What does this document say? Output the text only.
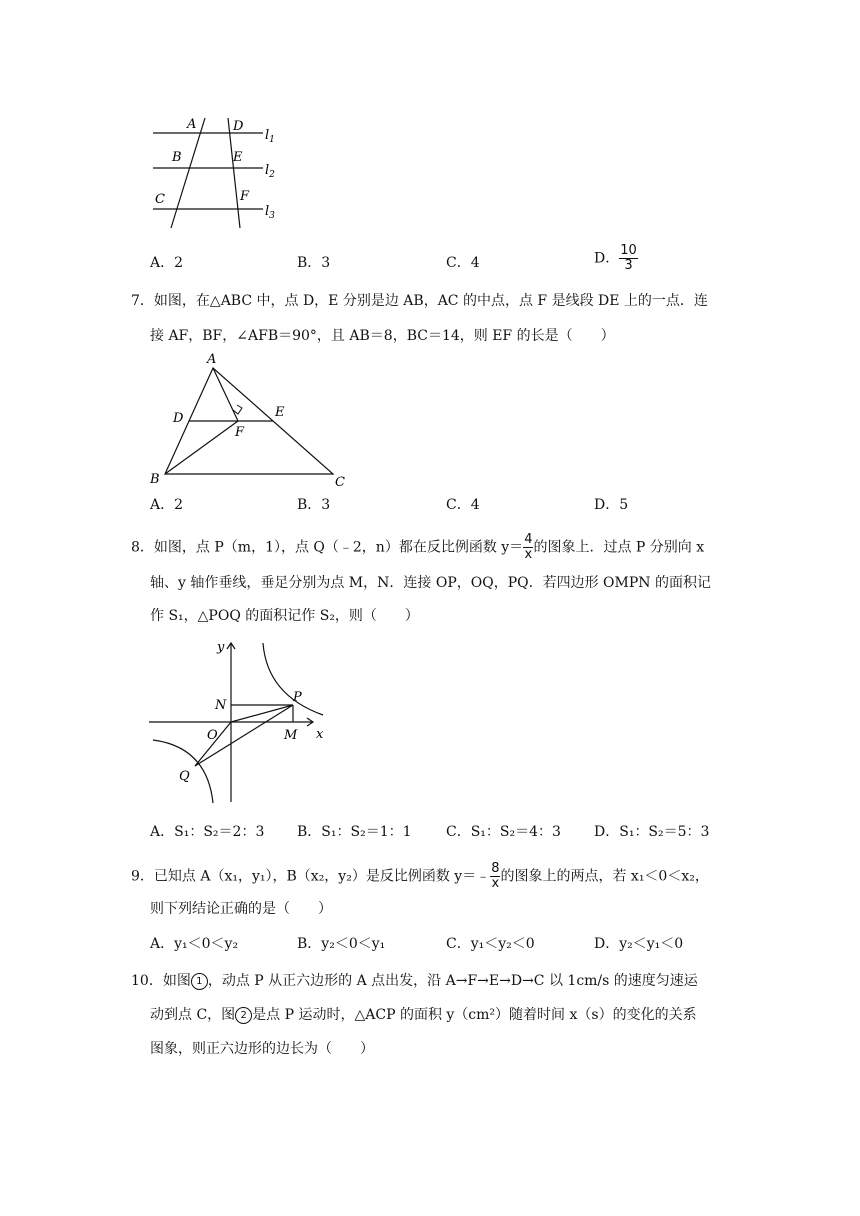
A	D
B	E
C	F
$l_1$
$l_2$
$l_3$
A．2	B．3	C．4	D． $\frac{10}{3}$
7．如图，在△ABC 中，点 D，E 分别是边 AB，AC 的中点，点 F 是线段 DE 上的一点．连
接 AF，BF，∠AFB＝90°，且 AB＝8，BC＝14，则 EF 的长是（　　）
A
D	E
F
B	C
A．2	B．3	C．4	D．5
8．如图，点 P（m，1），点 Q（﹣2，n）都在反比例函数 $y= \frac{4}{x}$ 的图象上．过点 P 分别向 x
轴、y 轴作垂线，垂足分别为点 M，N．连接 OP，OQ，PQ．若四边形 OMPN 的面积记
作 S₁，△POQ 的面积记作 S₂，则（　　）
y
x
N
P
O	M
Q
A．S₁：S₂＝2：3 B．S₁：S₂＝1：1 C．S₁：S₂＝4：3 D．S₁：S₂＝5：3
9．已知点 A（x₁，y₁），B（x₂，y₂）是反比例函数 y＝﹣ $\frac{8}{x}$ 的图象上的两点，若 x₁＜0＜x₂，
则下列结论正确的是（　　）
A．y₁＜0＜y₂	B．y₂＜0＜y₁	C．y₁＜y₂＜0	D．y₂＜y₁＜0
10．如图 1 ，动点 P 从正六边形的 A 点出发，沿 A→F→E→D→C 以 1cm/s 的速度匀速运
动到点 C，图 2 是点 P 运动时，△ACP 的面积 y（cm²）随着时间 x（s）的变化的关系
图象，则正六边形的边长为（　　）
